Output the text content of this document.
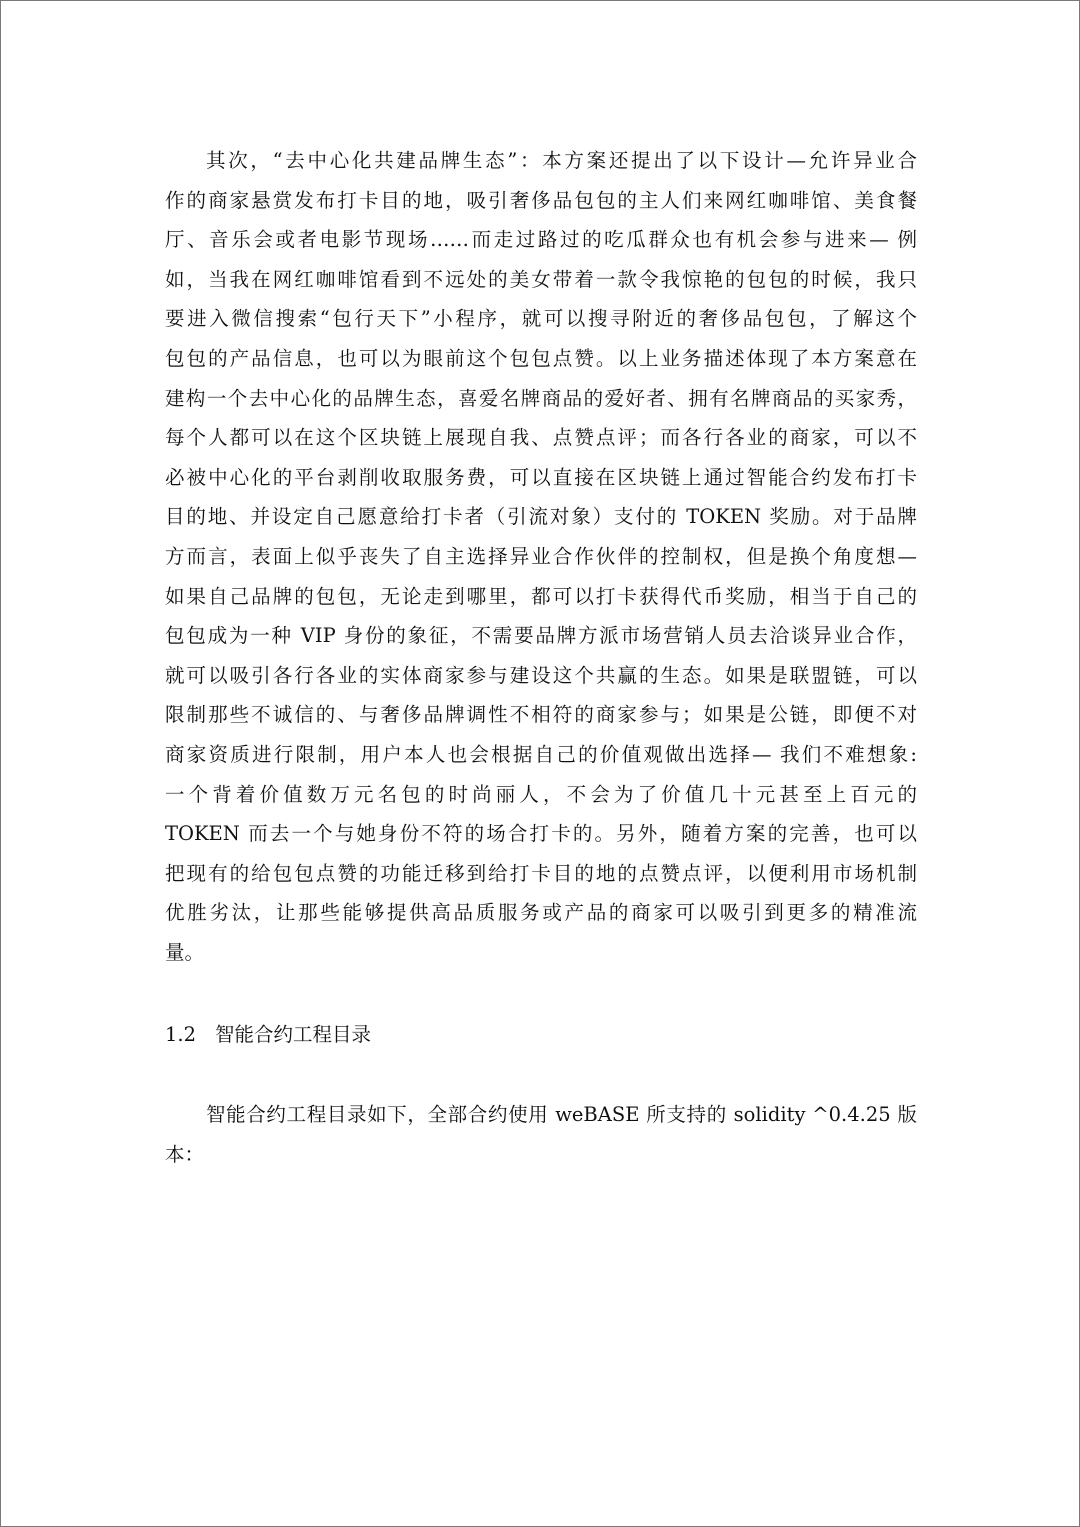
其次，“去中心化共建品牌生态”：本方案还提出了以下设计—允许异业合
作的商家悬赏发布打卡目的地，吸引奢侈品包包的主人们来网红咖啡馆、美食餐
厅、音乐会或者电影节现场……而走过路过的吃瓜群众也有机会参与进来— 例
如，当我在网红咖啡馆看到不远处的美女带着一款令我惊艳的包包的时候，我只
要进入微信搜索“包行天下”小程序，就可以搜寻附近的奢侈品包包，了解这个
包包的产品信息，也可以为眼前这个包包点赞。以上业务描述体现了本方案意在
建构一个去中心化的品牌生态，喜爱名牌商品的爱好者、拥有名牌商品的买家秀，
每个人都可以在这个区块链上展现自我、点赞点评；而各行各业的商家，可以不
必被中心化的平台剥削收取服务费，可以直接在区块链上通过智能合约发布打卡
目的地、并设定自己愿意给打卡者（引流对象）支付的 TOKEN 奖励。对于品牌
方而言，表面上似乎丧失了自主选择异业合作伙伴的控制权，但是换个角度想—
如果自己品牌的包包，无论走到哪里，都可以打卡获得代币奖励，相当于自己的
包包成为一种 VIP 身份的象征，不需要品牌方派市场营销人员去洽谈异业合作，
就可以吸引各行各业的实体商家参与建设这个共赢的生态。如果是联盟链，可以
限制那些不诚信的、与奢侈品牌调性不相符的商家参与；如果是公链，即便不对
商家资质进行限制，用户本人也会根据自己的价值观做出选择— 我们不难想象:
一个背着价值数万元名包的时尚丽人，不会为了价值几十元甚至上百元的
TOKEN 而去一个与她身份不符的场合打卡的。另外，随着方案的完善，也可以
把现有的给包包点赞的功能迁移到给打卡目的地的点赞点评，以便利用市场机制
优胜劣汰，让那些能够提供高品质服务或产品的商家可以吸引到更多的精准流
量。
1.2 智能合约工程目录
智能合约工程目录如下，全部合约使用 weBASE 所支持的 solidity ^0.4.25 版
本：
